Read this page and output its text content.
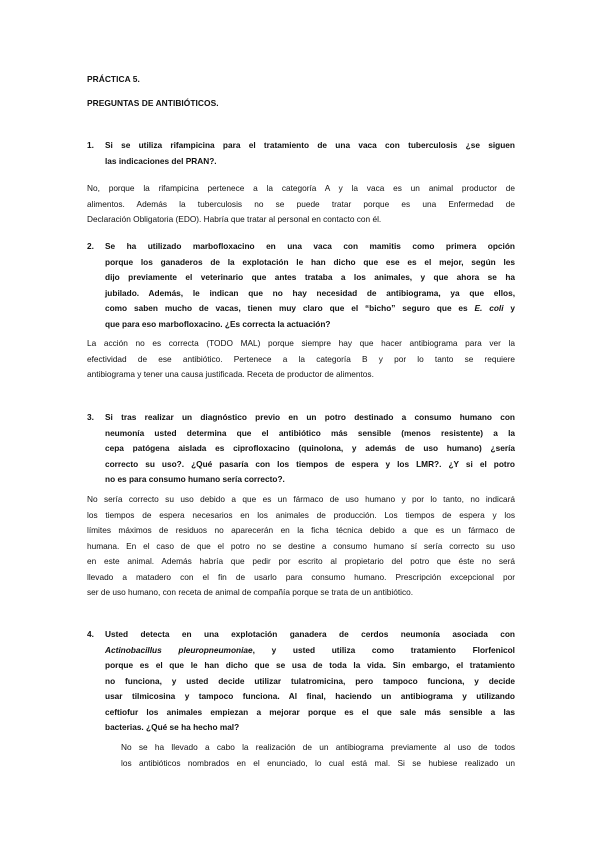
PRÁCTICA 5.
PREGUNTAS DE ANTIBIÓTICOS.
1. Si se utiliza rifampicina para el tratamiento de una vaca con tuberculosis ¿se siguen
las indicaciones del PRAN?.
No, porque la rifampicina pertenece a la categoría A y la vaca es un animal productor de
alimentos. Además la tuberculosis no se puede tratar porque es una Enfermedad de
Declaración Obligatoria (EDO). Habría que tratar al personal en contacto con él.
2. Se ha utilizado marbofloxacino en una vaca con mamitis como primera opción
porque los ganaderos de la explotación le han dicho que ese es el mejor, según les
dijo previamente el veterinario que antes trataba a los animales, y que ahora se ha
jubilado. Además, le indican que no hay necesidad de antibiograma, ya que ellos,
como saben mucho de vacas, tienen muy claro que el “bicho” seguro que es E. coli y
que para eso marbofloxacino. ¿Es correcta la actuación?
La acción no es correcta (TODO MAL) porque siempre hay que hacer antibiograma para ver la
efectividad de ese antibiótico. Pertenece a la categoría B y por lo tanto se requiere
antibiograma y tener una causa justificada. Receta de productor de alimentos.
3. Si tras realizar un diagnóstico previo en un potro destinado a consumo humano con
neumonía usted determina que el antibiótico más sensible (menos resistente) a la
cepa patógena aislada es ciprofloxacino (quinolona, y además de uso humano) ¿sería
correcto su uso?. ¿Qué pasaría con los tiempos de espera y los LMR?. ¿Y si el potro
no es para consumo humano sería correcto?.
No sería correcto su uso debido a que es un fármaco de uso humano y por lo tanto, no indicará
los tiempos de espera necesarios en los animales de producción. Los tiempos de espera y los
límites máximos de residuos no aparecerán en la ficha técnica debido a que es un fármaco de
humana. En el caso de que el potro no se destine a consumo humano sí sería correcto su uso
en este animal. Además habría que pedir por escrito al propietario del potro que éste no será
llevado a matadero con el fin de usarlo para consumo humano. Prescripción excepcional por
ser de uso humano, con receta de animal de compañía porque se trata de un antibiótico.
4. Usted detecta en una explotación ganadera de cerdos neumonía asociada con
Actinobacillus pleuropneumoniae, y usted utiliza como tratamiento Florfenicol
porque es el que le han dicho que se usa de toda la vida. Sin embargo, el tratamiento
no funciona, y usted decide utilizar tulatromicina, pero tampoco funciona, y decide
usar tilmicosina y tampoco funciona. Al final, haciendo un antibiograma y utilizando
ceftiofur los animales empiezan a mejorar porque es el que sale más sensible a las
bacterias. ¿Qué se ha hecho mal?
No se ha llevado a cabo la realización de un antibiograma previamente al uso de todos
los antibióticos nombrados en el enunciado, lo cual está mal. Si se hubiese realizado un
